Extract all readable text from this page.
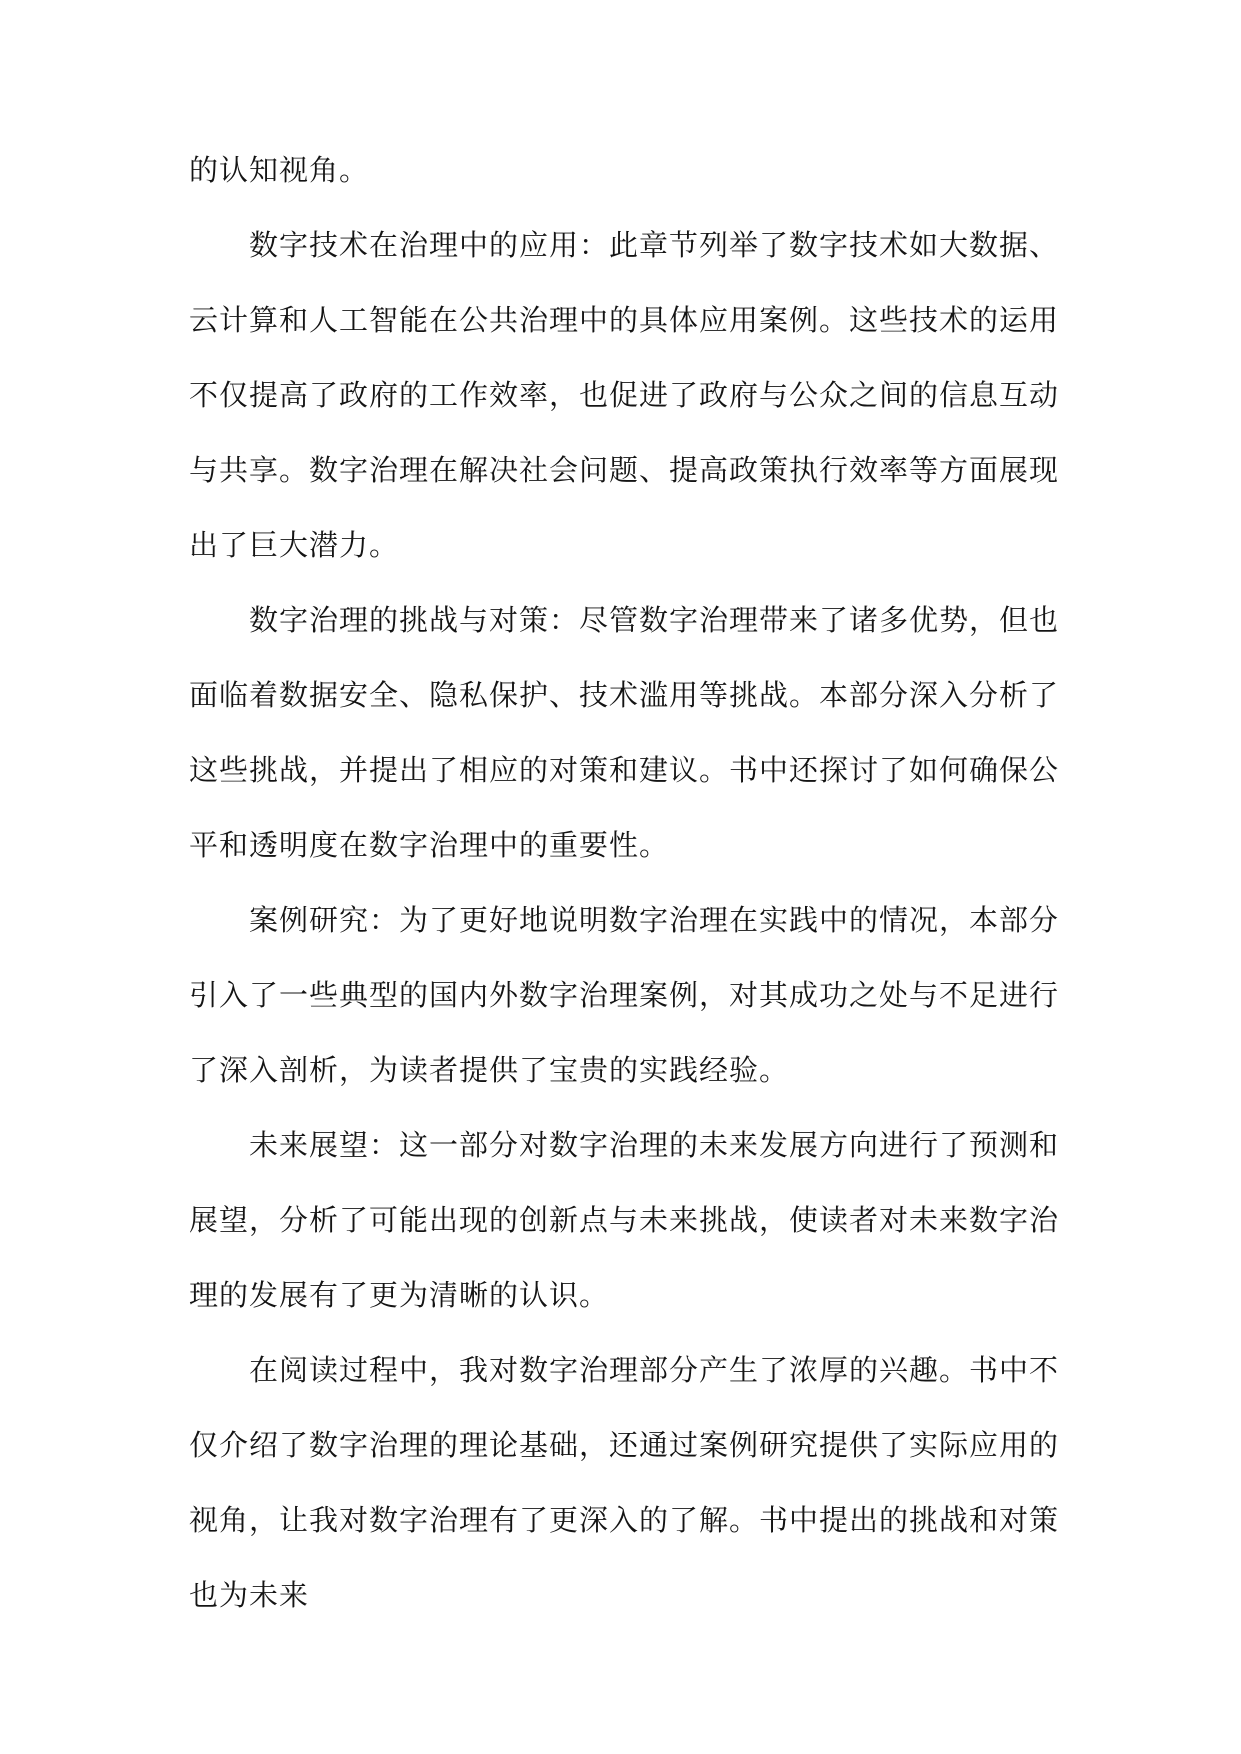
的认知视角。

数字技术在治理中的应用：此章节列举了数字技术如大数据、云计算和人工智能在公共治理中的具体应用案例。这些技术的运用不仅提高了政府的工作效率，也促进了政府与公众之间的信息互动与共享。数字治理在解决社会问题、提高政策执行效率等方面展现出了巨大潜力。

数字治理的挑战与对策：尽管数字治理带来了诸多优势，但也面临着数据安全、隐私保护、技术滥用等挑战。本部分深入分析了这些挑战，并提出了相应的对策和建议。书中还探讨了如何确保公平和透明度在数字治理中的重要性。

案例研究：为了更好地说明数字治理在实践中的情况，本部分引入了一些典型的国内外数字治理案例，对其成功之处与不足进行了深入剖析，为读者提供了宝贵的实践经验。

未来展望：这一部分对数字治理的未来发展方向进行了预测和展望，分析了可能出现的创新点与未来挑战，使读者对未来数字治理的发展有了更为清晰的认识。

在阅读过程中，我对数字治理部分产生了浓厚的兴趣。书中不仅介绍了数字治理的理论基础，还通过案例研究提供了实际应用的视角，让我对数字治理有了更深入的了解。书中提出的挑战和对策也为未来
